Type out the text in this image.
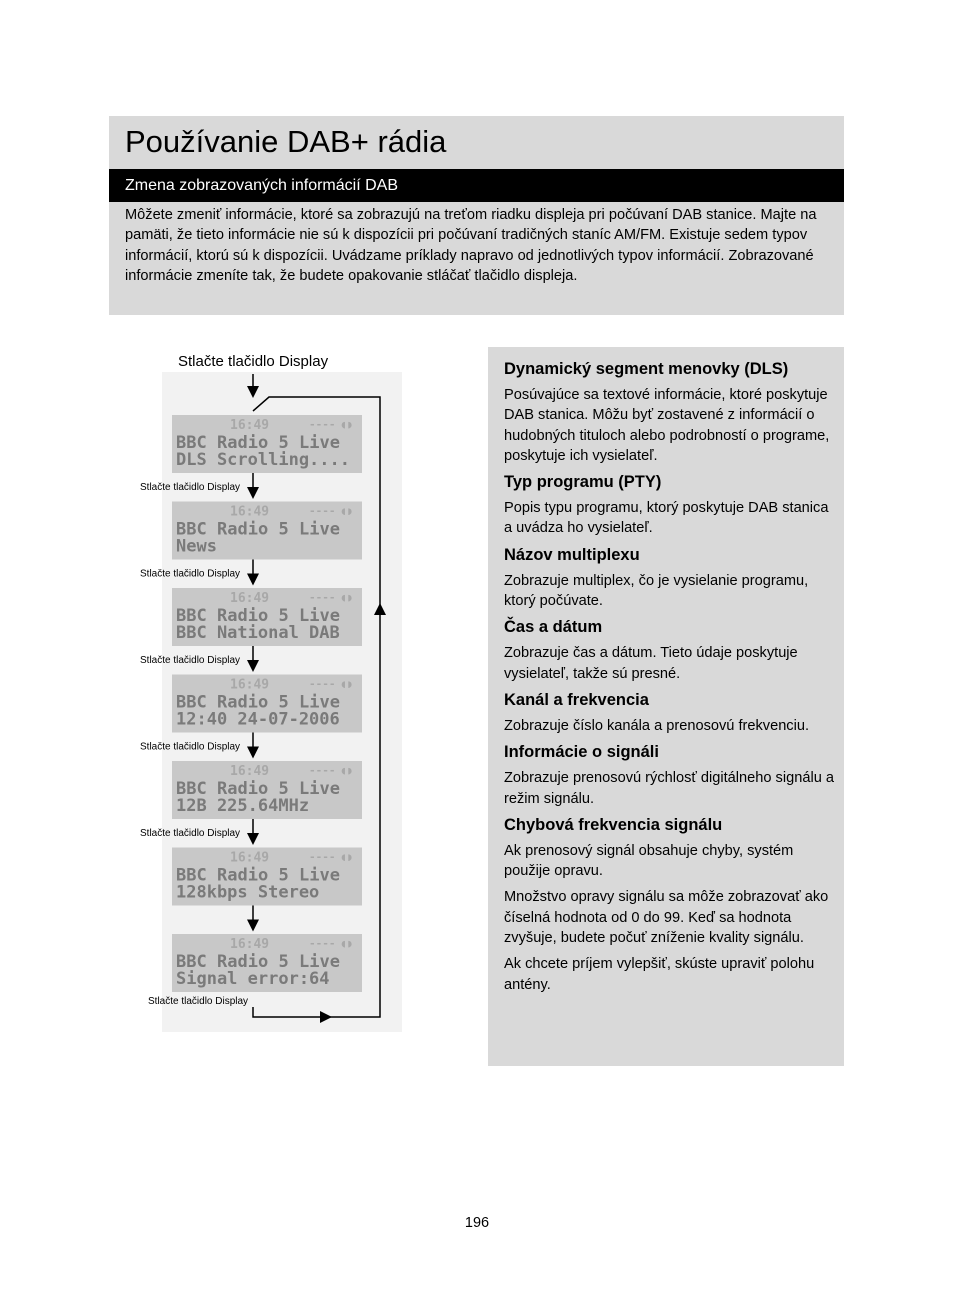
Používanie DAB+ rádia
Zmena zobrazovaných informácií DAB

Môžete zmeniť informácie, ktoré sa zobrazujú na treťom riadku displeja pri počúvaní DAB stanice. Majte na pamäti, že tieto informácie nie sú k dispozícii pri počúvaní tradičných staníc AM/FM. Existuje sedem typov informácií, ktorú sú k dispozícii. Uvádzame príklady napravo od jednotlivých typov informácií. Zobrazované informácie zmeníte tak, že budete opakovanie stláčať tlačidlo displeja.

Stlačte tlačidlo Display
16:49	---- ◖◗
BBC Radio 5 Live
DLS Scrolling....
Stlačte tlačidlo Display
16:49	---- ◖◗
BBC Radio 5 Live
News
Stlačte tlačidlo Display
16:49	---- ◖◗
BBC Radio 5 Live
BBC National DAB
Stlačte tlačidlo Display
16:49	---- ◖◗
BBC Radio 5 Live
12:40 24-07-2006
Stlačte tlačidlo Display
16:49	---- ◖◗
BBC Radio 5 Live
12B 225.64MHz
Stlačte tlačidlo Display
16:49	---- ◖◗
BBC Radio 5 Live
128kbps Stereo
16:49	---- ◖◗
BBC Radio 5 Live
Signal error:64
Stlačte tlačidlo Display
Dynamický segment menovky (DLS)

Posúvajúce sa textové informácie, ktoré poskytuje DAB stanica. Môžu byť zostavené z informácií o hudobných tituloch alebo podrobností o programe, poskytuje ich vysielateľ.

Typ programu (PTY)

Popis typu programu, ktorý poskytuje DAB stanica a uvádza ho vysielateľ.

Názov multiplexu

Zobrazuje multiplex, čo je vysielanie programu, ktorý počúvate.

Čas a dátum

Zobrazuje čas a dátum. Tieto údaje poskytuje vysielateľ, takže sú presné.

Kanál a frekvencia

Zobrazuje číslo kanála a prenosovú frekvenciu.

Informácie o signáli

Zobrazuje prenosovú rýchlosť digitálneho signálu a režim signálu.

Chybová frekvencia signálu

Ak prenosový signál obsahuje chyby, systém použije opravu.

Množstvo opravy signálu sa môže zobrazovať ako číselná hodnota od 0 do 99. Keď sa hodnota zvyšuje, budete počuť zníženie kvality signálu.

Ak chcete príjem vylepšiť, skúste upraviť polohu antény.

196
